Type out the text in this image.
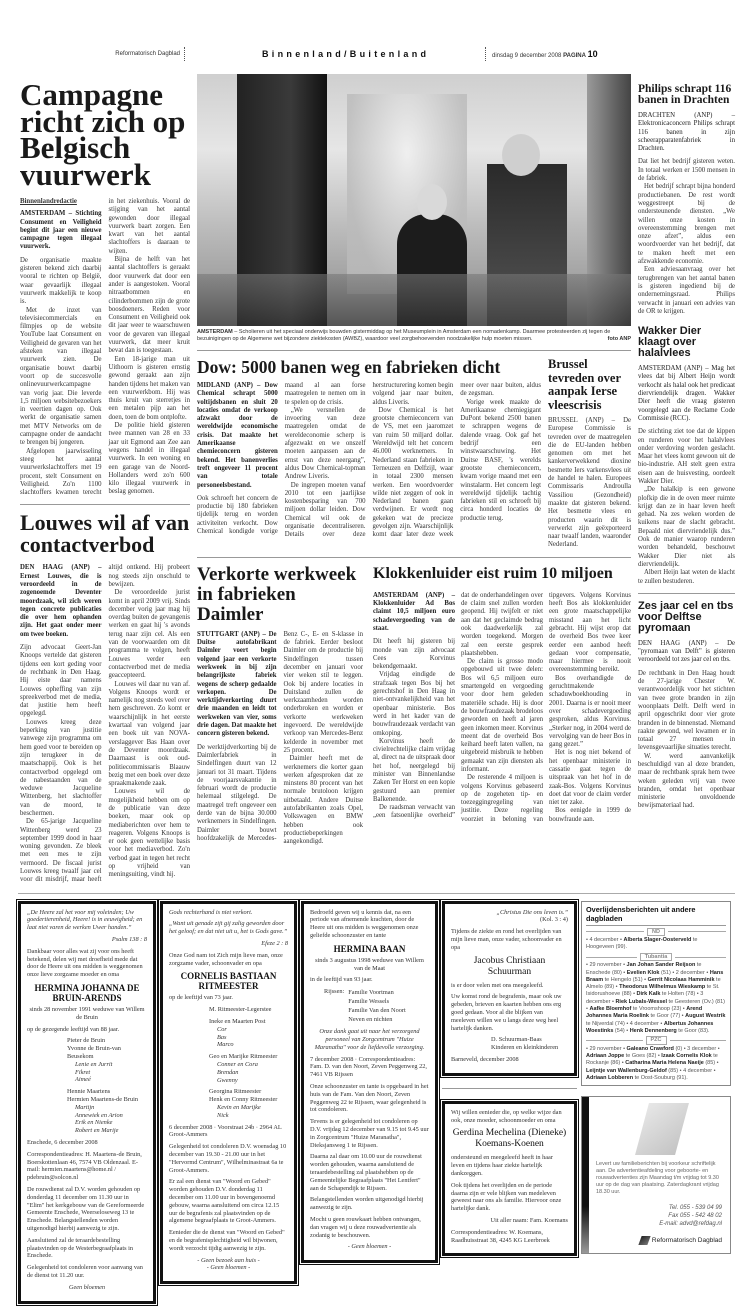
Reformatorisch Dagblad	Binnenland/Buitenland	dinsdag 9 december 2008 PAGINA 10
Campagne richt zich op Belgisch vuurwerk

Binnenlandredactie

AMSTERDAM – Stichting Consument en Veiligheid begint dit jaar een nieuwe campagne tegen illegaal vuurwerk.

De organisatie maakte gisteren bekend zich daarbij vooral te richten op België, waar gevaarlijk illegaal vuurwerk makkelijk te koop is.

Met de inzet van televisiecommercials en filmpjes op de website YouTube laat Consument en Veiligheid de gevaren van het afsteken van illegaal vuurwerk zien. De organisatie bouwt daarbij voort op de succesvolle onlinevuurwerkcampagne van vorig jaar. Die leverde 1,5 miljoen websitebezoekers in veertien dagen op. Ook werkt de organisatie samen met MTV Networks om de campagne onder de aandacht te brengen bij jongeren.

Afgelopen jaarwisseling steeg het aantal vuurwerkslachtoffers met 19 procent, stelt Consument en Veiligheid. Zo'n 1100 slachtoffers kwamen terecht in het ziekenhuis. Vooral de stijging van het aantal gewonden door illegaal vuurwerk baart zorgen. Een kwart van het aantal slachtoffers is daaraan te wijten.

Bijna de helft van het aantal slachtoffers is geraakt door vuurwerk dat door een ander is aangestoken. Vooral nitraatbommen en cilinderbommen zijn de grote boosdoeners. Reden voor Consument en Veiligheid ook dit jaar weer te waarschuwen voor de gevaren van illegaal vuurwerk, dat meer kruit bevat dan is toegestaan.

Een 18-jarige man uit Uithoorn is gisteren ernstig gewond geraakt aan zijn handen tijdens het maken van een vuurwerkbom. Hij was thuis kruit van sterretjes in een metalen pijp aan het doen, toen de bom ontplofte.

De politie hield gisteren twee mannen van 28 en 33 jaar uit Egmond aan Zee aan wegens handel in illegaal vuurwerk. In een woning en een garage van de Noord-Hollanders werd zo'n 600 kilo illegaal vuurwerk in beslag genomen.

Louwes wil af van contactverbod

DEN HAAG (ANP) – Ernest Louwes, die is veroordeeld in de zogenoemde Deventer moordzaak, wil zich weren tegen concrete publicaties die over hem ophanden zijn. Het gaat onder meer om twee boeken.

Zijn advocaat Geert-Jan Knoops vertelde dat gisteren tijdens een kort geding voor de rechtbank in Den Haag. Hij eiste daar namens Louwes opheffing van zijn spreekverbod met de media, dat justitie hem heeft opgelegd.

Louwes kreeg deze beperking van justitie vanwege zijn programma om hem goed voor te bereiden op zijn terugkeer in de maatschappij. Ook is het contactverbod opgelegd om de nabestaanden van de weduwe Jacqueline Wittenberg, het slachtoffer van de moord, te beschermen.

De 65-jarige Jacqueline Wittenberg werd 23 september 1999 dood in haar woning gevonden. Ze bleek met een mes te zijn vermoord. De fiscaal jurist Louwes kreeg twaalf jaar cel voor dit misdrijf, maar heeft altijd ontkend. Hij probeert nog steeds zijn onschuld te bewijzen.

De veroordeelde jurist komt in april 2009 vrij. Sinds december vorig jaar mag hij overdag buiten de gevangenis werken en gaat hij 's avonds terug naar zijn cel. Als een van de voorwaarden om dit programma te volgen, heeft Louwes verder een contactverbod met de media geaccepteerd.

Louwes wil daar nu van af. Volgens Knoops wordt er namelijk nog steeds veel over hem geschreven. Zo komt er waarschijnlijk in het eerste kwartaal van volgend jaar een boek uit van NOVA-verslaggever Bas Haan over de Deventer moordzaak. Daarnaast is ook oud-politiecommissaris Blaauw bezig met een boek over deze spraakmakende zaak.

Louwes wil de mogelijkheid hebben om op de publicatie van deze boeken, maar ook op mediaberichten over hem te reageren. Volgens Knoops is er ook geen wettelijke basis voor het mediaverbod. Zo'n verbod gaat in tegen het recht op vrijheid van meningsuiting, vindt hij.

AMSTERDAM – Scholieren uit het speciaal onderwijs bouwden gistermiddag op het Museumplein in Amsterdam een nomadenkamp. Daarmee protesteerden zij tegen de bezuinigingen op de Algemene wet bijzondere ziektekosten (AWBZ), waardoor veel zorgbehoevenden noodzakelijke hulp moeten missen.	foto ANP
Dow: 5000 banen weg en fabrieken dicht

MIDLAND (ANP) – Dow Chemical schrapt 5000 voltijdsbanen en sluit 20 locaties omdat de verkoop afzwakt door de wereldwijde economische crisis. Dat maakte het Amerikaanse chemieconcern gisteren bekend. Het banenverlies treft ongeveer 11 procent van totale personeelsbestand.

Ook schroeft het concern de productie bij 180 fabrieken tijdelijk terug en worden activiteiten verkocht. Dow Chemical kondigde vorige maand al aan forse maatregelen te nemen om in te spelen op de crisis.

„We versnellen de invoering van deze maatregelen omdat de wereldeconomie scherp is afgezwakt en we onszelf moeten aanpassen aan de ernst van deze neergang”, aldus Dow Chemical-topman Andrew Liveris.

De ingrepen moeten vanaf 2010 tot een jaarlijkse kostenbesparing van 700 miljoen dollar leiden. Dow Chemical wil ook de organisatie decentraliseren. Details over deze herstructurering komen begin volgend jaar naar buiten, aldus Liveris.

Dow Chemical is het grootste chemieconcern van de VS, met een jaaromzet van ruim 50 miljard dollar. Wereldwijd telt het concern 46.000 werknemers. In Nederland staan fabrieken in Terneuzen en Delfzijl, waar in totaal 2300 mensen werken. Een woordvoerder wilde niet zeggen of ook in Nederland banen gaan verdwijnen. Er wordt nog gekeken wat de precieze gevolgen zijn. Waarschijnlijk komt daar later deze week meer over naar buiten, aldus de zegsman.

Vorige week maakte de Amerikaanse chemiegigant DuPont bekend 2500 banen te schrappen wegens de dalende vraag. Ook gaf het bedrijf een winstwaarschuwing. Het Duitse BASF, 's werelds grootste chemieconcern, kwam vorige maand met een winstalarm. Het concern legt wereldwijd tijdelijk tachtig fabrieken stil en schroeft bij circa honderd locaties de productie terug.

Brussel tevreden over aanpak Ierse vleescrisis

BRUSSEL (ANP) – De Europese Commissie is tevreden over de maatregelen die de EU-landen hebben genomen om met het kankerverwekkend dioxine besmette Iers varkensvlees uit de handel te halen. Europees Commissaris Androulla Vassiliou (Gezondheid) maakte dat gisteren bekend. Het besmette vlees en producten waarin dit is verwerkt zijn geëxporteerd naar twaalf landen, waaronder Nederland.

Verkorte werkweek in fabrieken Daimler

STUTTGART (ANP) – De Duitse autofabrikant Daimler voert begin volgend jaar een verkorte werkweek in bij zijn belangrijkste fabriek wegens de scherp gedaalde verkopen. De werktijdverkorting duurt drie maanden en leidt tot werkweken van vier, soms drie dagen. Dat maakte het concern gisteren bekend.

De werktijdverkorting bij de Daimlerfabriek in Sindelfingen duurt van 12 januari tot 31 maart. Tijdens de voorjaarsvakantie in februari wordt de productie helemaal stilgelegd. De maatregel treft ongeveer een derde van de bijna 30.000 werknemers in Sindelfingen. Daimler bouwt hoofdzakelijk de Mercedes-Benz C-, E- en S-klasse in de fabriek. Eerder besloot Daimler om de productie bij Sindelfingen tussen december en januari voor vier weken stil te leggen. Ook bij andere locaties in Duitsland zullen de werkzaamheden worden onderbroken en worden er verkorte werkweken ingevoerd. De wereldwijde verkoop van Mercedes-Benz kelderde in november met 25 procent.

Daimler heeft met de werknemers die korter gaan werken afgesproken dat ze minstens 80 procent van het normale brutoloon krijgen uitbetaald. Andere Duitse autofabrikanten zoals Opel, Volkswagen en BMW hebben ook productiebeperkingen aangekondigd.

Klokkenluider eist ruim 10 miljoen

AMSTERDAM (ANP) – Klokkenluider Ad Bos claimt 10,5 miljoen euro schadevergoeding van de staat.

Dit heeft hij gisteren bij monde van zijn advocaat Cees Korvinus bekendgemaakt.

Vrijdag eindigde de strafzaak tegen Bos bij het gerechtshof in Den Haag in niet-ontvankelijkheid van het openbaar ministerie. Bos werd in het kader van de bouwfraudezaak verdacht van omkoping.

Korvinus heeft de civielrechtelijke claim vrijdag al, direct na de uitspraak door het hof, neergelegd bij minister van Binnenlandse Zaken Ter Horst en een kopie gestuurd aan premier Balkenende.

De raadsman verwacht van „een fatsoenlijke overheid” dat de onderhandelingen over de claim snel zullen worden geopend. Hij twijfelt er niet aan dat het geclaimde bedrag ook daadwerkelijk zal worden toegekend. Morgen zal een eerste gesprek plaatshebben.

De claim is grosso modo opgebouwd uit twee delen: Bos wil 6,5 miljoen euro smartengeld en vergoeding voor door hem geleden materiële schade. Hij is door de bouwfraudezaak brodeloos geworden en heeft al jaren geen inkomen meer. Korvinus meent dat de overheid Bos keihard heeft laten vallen, na uitgebreid misbruik te hebben gemaakt van zijn diensten als informant.

De resterende 4 miljoen is volgens Korvinus gebaseerd op de zogeheten tip- en toezeggingregeling van justitie. Deze regeling voorziet in beloning van tipgevers. Volgens Korvinus heeft Bos als klokkenluider een grote maatschappelijke misstand aan het licht gebracht. Hij wijst erop dat de overheid Bos twee keer eerder een aanbod heeft gedaan voor compensatie, maar hiermee is nooit overeenstemming bereikt.

Bos overhandigde de geruchtmakende schaduwboekhouding in 2001. Daarna is er nooit meer over schadevergoeding gesproken, aldus Korvinus. „Sterker nog, in 2004 werd de vervolging van de heer Bos in gang gezet.”

Het is nog niet bekend of het openbaar ministerie in cassatie gaat tegen de uitspraak van het hof in de zaak-Bos. Volgens Korvinus doet dat voor de claim verder niet ter zake.

Bos eenigde in 1999 de bouwfraude aan.

Philips schrapt 116 banen in Drachten

DRACHTEN (ANP) – Elektronicaconcern Philips schrapt 116 banen in zijn scheerapparatenfabriek in Drachten.

Dat liet het bedrijf gisteren weten. In totaal werken er 1500 mensen in de fabriek.

Het bedrijf schrapt bijna honderd productiebanen. De rest wordt weggestreept bij de ondersteunende diensten. „We willen onze kosten in overeenstemming brengen met onze afzet”, aldus een woordvoerder van het bedrijf, dat te maken heeft met een afzwakkende economie.

Een adviesaanvraag over het terugbrengen van het aantal banen is gisteren ingediend bij de ondernemingsraad. Philips verwacht in januari een advies van de OR te krijgen.

Wakker Dier klaagt over halalvlees

AMSTERDAM (ANP) – Mag het vlees dat bij Albert Heijn wordt verkocht als halal ook het predicaat diervriendelijk dragen. Wakker Dier heeft die vraag gisteren voorgelegd aan de Reclame Code Commissie (RCC).

De stichting ziet toe dat de kippen en runderen voor het halalvlees onder verdoving worden geslacht. Maar het vlees komt gewoon uit de bio-industrie. AH stelt geen extra eisen aan de huisvesting, oordeelt Wakker Dier.

„De halalkip is een gewone plofkip die in de oven meer ruimte krijgt dan ze in haar leven heeft gehad. Na zes weken worden de kuikens naar de slacht gebracht. Bepaald niet diervriendelijk dus.” Ook de manier waarop runderen worden behandeld, beschouwt Wakker Dier niet als diervriendelijk.

Albert Heijn laat weten de klacht te zullen bestuderen.

Zes jaar cel en tbs voor Delftse pyromaan

DEN HAAG (ANP) – De "pyromaan van Delft" is gisteren veroordeeld tot zes jaar cel en tbs.

De rechtbank in Den Haag houdt de 27-jarige Chester W. verantwoordelijk voor het stichten van twee grote branden in zijn woonplaats Delft. Delft werd in april opgeschrikt door vier grote branden in de binnenstad. Niemand raakte gewond, wel kwamen er in totaal 27 mensen in levensgevaarlijke situaties terecht.

W. werd aanvankelijk beschuldigd van al deze branden, maar de rechtbank sprak hem twee weken geleden vrij van twee branden, omdat het openbaar ministerie onvoldoende bewijsmateriaal had.

„De Heere zal het voor mij voleinden; Uw goedertierenheid, Heere! is in eeuwigheid; en laat niet varen de werken Uwer handen.”

Psalm 138 : 8

Dankbaar voor alles wat zij voor ons heeft betekend, delen wij met droefheid mede dat door de Heere uit ons midden is weggenomen onze lieve zorgzame moeder en oma

HERMINA JOHANNA DE BRUIN-ARENDS

sinds 28 november 1991 weduwe van Willem de Bruin

op de gezegende leeftijd van 88 jaar.

Pieter de Bruin
Yvonne de Bruin-van Beusekom
Lenie en Jurrit
Fikret
Aimeé
Hennie Maartens
Hermien Maartens-de Bruin
Martijn
Annewiek en Arion
Erik en Nienke
Robert en Marije

Enschede, 6 december 2008

Correspondentieadres: H. Maartens-de Bruin, Boerskottenlaan 46, 7574 VB Oldenzaal. E-mail: hermien.maartens@home.nl / pdebruin@solcon.nl

De rouwdienst zal D.V. worden gehouden op donderdag 11 december om 11.30 uur in "Elim" het kerkgebouw van de Gereformeerde Gemeente Enschede, Weerseloseweg 13 te Enschede. Belangstellenden worden uitgenodigd hierbij aanwezig te zijn.

Aansluitend zal de teraardebestelling plaatsvinden op de Westerbegraafplaats in Enschede.

Gelegenheid tot condoleren voor aanvang van de dienst tot 11.20 uur.

Geen bloemen

Gods rechterhand is niet verkort.

„Want uit genade zijt gij zalig geworden door het geloof; en dat niet uit u, het is Gods gave.”

Efeze 2 : 8

Onze God nam tot Zich mijn lieve man, onze zorgzame vader, schoonvader en opa

CORNELIS BASTIAAN RITMEESTER

op de leeftijd van 73 jaar.

M. Ritmeester-Legerstee
Ineke en Maarten Post
Cor
Bas
Marco
Geo en Marijke Ritmeester
Conner en Cora
Brendan
Gwenny
Georgina Ritmeester
Henk en Conny Ritmeester
Kevin en Marijke
Nick

6 december 2008 · Voorstraat 24b · 2964 AL Groot-Ammers

Gelegenheid tot condoleren D.V. woensdag 10 december van 19.30 - 21.00 uur in het "Hervormd Centrum", Wilhelminastraat 6a te Groot-Ammers.

Er zal een dienst van "Woord en Gebed" worden gehouden D.V. donderdag 11 december om 11.00 uur in bovengenoemd gebouw, waarna aansluitend om circa 12.15 uur de begrafenis zal plaatsvinden op de algemene begraafplaats te Groot-Ammers.

Eenieder die de dienst van "Woord en Gebed" en de begrafenisplechtigheid wil bijwonen, wordt verzocht tijdig aanwezig te zijn.

- Geen bezoek aan huis -

- Geen bloemen -

Bedroefd geven wij u kennis dat, na een periode van afnemende krachten, door de Heere uit ons midden is weggenomen onze geliefde schoonzuster en tante

HERMINA BAAN

sinds 3 augustus 1998 weduwe van Willem van de Maat

in de leeftijd van 93 jaar.

Rijssen: Familie Voortman
Familie Wessels
Familie Van den Noort
Neven en nichten

Onze dank gaat uit naar het verzorgend personeel van Zorgcentrum "Huize Maranatha" voor de liefdevolle verzorging.

7 december 2008 · Correspondentieadres: Fam. D. van den Noort, Zeven Peggenweg 22, 7461 VB Rijssen

Onze schoonzuster en tante is opgebaard in het huis van de Fam. Van den Noort, Zeven Peggenweg 22 te Rijssen, waar gelegenheid is tot condoleren.

Tevens is er gelegenheid tot condoleren op D.V. vrijdag 12 december van 9.15 tot 9.45 uur in Zorgcentrum "Huize Maranatha", Dieksjansweg 1 te Rijssen.

Daarna zal daar om 10.00 uur de rouwdienst worden gehouden, waarna aansluitend de teraardebestelling zal plaatshebben op de Gemeentelijke Begraafplaats "Het Lentfert" aan de Schapendijk te Rijssen.

Belangstellenden worden uitgenodigd hierbij aanwezig te zijn.

Mocht u geen rouwkaart hebben ontvangen, dan vragen wij u deze rouwadvertentie als zodanig te beschouwen.

- Geen bloemen -

„Christus Die ons leven is.”

(Kol. 3 : 4)

Tijdens de ziekte en rond het overlijden van mijn lieve man, onze vader, schoonvader en opa

Jacobus Christiaan Schuurman

is er door velen met ons meegeleefd.

Uw komst rond de begrafenis, maar ook uw gebeden, brieven en kaarten hebben ons erg goed gedaan. Voor al die blijken van meeleven willen we u langs deze weg heel hartelijk danken.

D. Schuurman-Baas

Kinderen en kleinkinderen

Barneveld, december 2008

Wij willen eenieder die, op welke wijze dan ook, onze moeder, schoonmoeder en oma

Gerdina Mechelina (Dieneke) Koemans-Koenen

ondersteund en meegeleefd heeft in haar leven en tijdens haar ziekte hartelijk dankzeggen.

Ook tijdens het overlijden en de periode daarna zijn er vele blijken van medeleven geweest naar ons als familie. Hiervoor onze hartelijke dank.

Uit aller naam: Fam. Koemans

Correspondentieadres: W. Koemans, Raadhuisstraat 38, 4245 KG Leerbroek

Overlijdensberichten uit andere dagbladen
ND
• 4 december • Alberta Slager-Oosterveld te Hoogeveen (99).
Tubantia
• 29 november • Jan Johan Sander Reijson te Enschede (80) • Evelien Klok (51) • 2 december • Hans Braam te Hengelo (51) • Gerrit Nicolaas Hamminik te Almelo (89) • Theodorus Wilhelmus Wieskamp te St. Isidorushoeve (88) • Dirk Kalk te Holten (78) • 3 december • Riek Lubals-Wessel te Geesteren (Ov.) (81) • Aafke Bloemhof te Vroomshoop (23) • Arend Johannes Maria Roelink te Goor (77) • August Westrik te Nijverdal (74) • 4 december • Albertus Johannes Woestinks (54) • Henk Dennenberg te Goor (83).
PZC
• 29 november • Galeano Crawford (0) • 3 december • Adriaan Joppe te Goes (82) • Izaak Cornelis Klok te Rockanje (86) • Catharina Maria Helena Naeije (85) • Leijntje van Wallenburg-Geldof (85) • 4 december • Adriaan Lobberen te Oost-Souburg (91).

Levert uw familieberichten bij voorkeur schriftelijk aan. De advertentieafdeling voor geboorte- en rouwadvertenties zijn Maandag t/m vrijdag tot 9.30 uur op de dag van plaatsing. Zaterdagkrant vrijdag 18.30 uur.

Tel. 055 - 539 04 99
Fax 055 - 542 48 02
E-mail: advd@refdag.nl
Reformatorisch Dagblad
